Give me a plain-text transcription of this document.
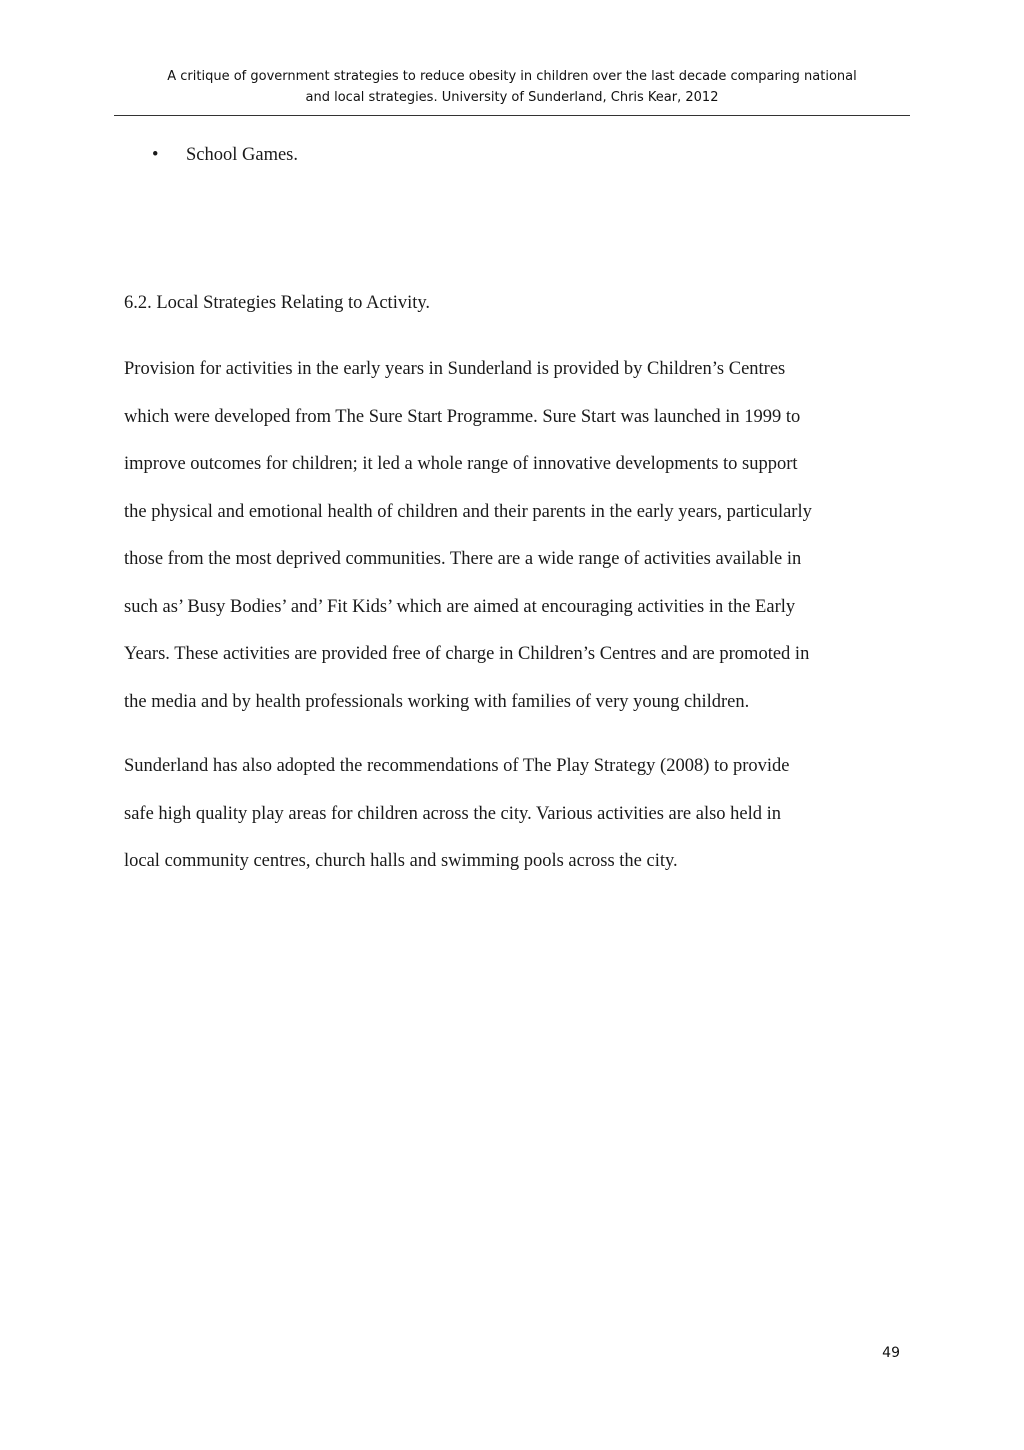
A critique of government strategies to reduce obesity in children over the last decade comparing national
and local strategies. University of Sunderland, Chris Kear, 2012
• School Games.
6.2. Local Strategies Relating to Activity.
Provision for activities in the early years in Sunderland is provided by Children’s Centres
which were developed from The Sure Start Programme. Sure Start was launched in 1999 to
improve outcomes for children; it led a whole range of innovative developments to support
the physical and emotional health of children and their parents in the early years, particularly
those from the most deprived communities. There are a wide range of activities available in
such as’ Busy Bodies’ and’ Fit Kids’ which are aimed at encouraging activities in the Early
Years. These activities are provided free of charge in Children’s Centres and are promoted in
the media and by health professionals working with families of very young children.
Sunderland has also adopted the recommendations of The Play Strategy (2008) to provide
safe high quality play areas for children across the city. Various activities are also held in
local community centres, church halls and swimming pools across the city.
49
